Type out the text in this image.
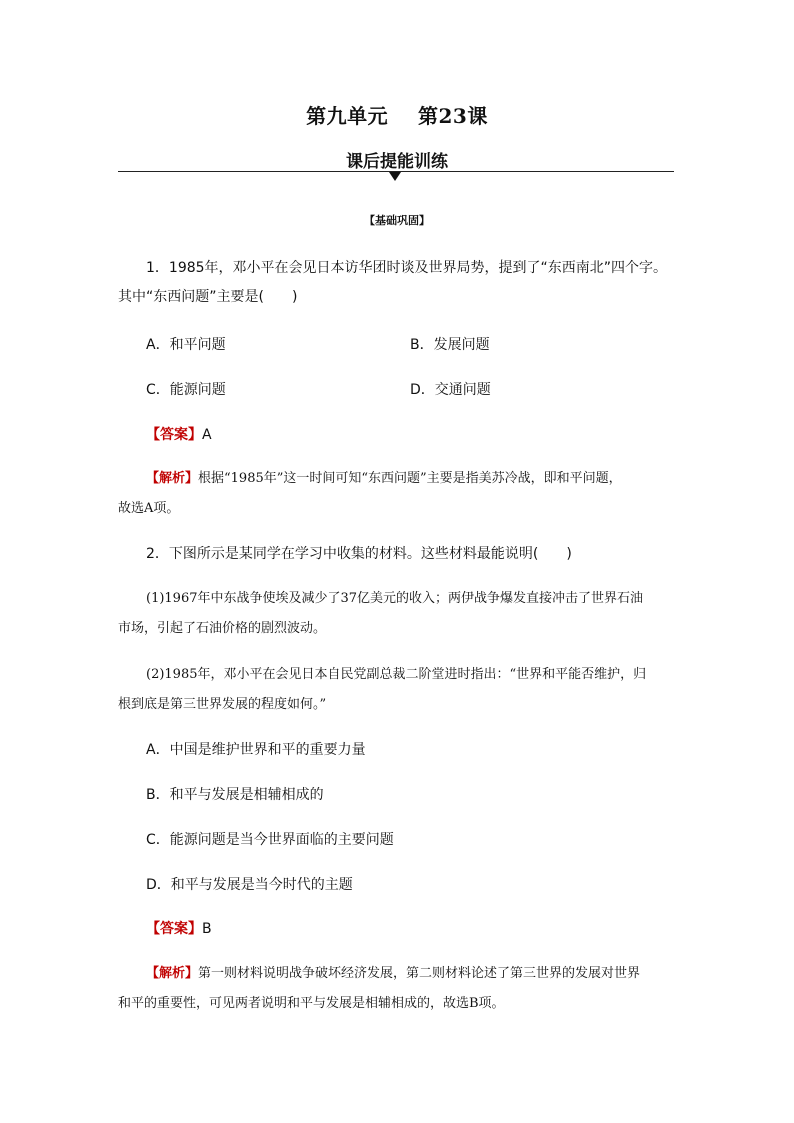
第九单元    第23课
课后提能训练
【基础巩固】
1．1985年，邓小平在会见日本访华团时谈及世界局势，提到了“东西南北”四个字。
其中“东西问题”主要是(　　)
A．和平问题	B．发展问题
C．能源问题	D．交通问题
【答案】A
【解析】根据“1985年”这一时间可知“东西问题”主要是指美苏冷战，即和平问题，
故选A项。
2．下图所示是某同学在学习中收集的材料。这些材料最能说明(　　)
(1)1967年中东战争使埃及减少了37亿美元的收入；两伊战争爆发直接冲击了世界石油
市场，引起了石油价格的剧烈波动。
(2)1985年，邓小平在会见日本自民党副总裁二阶堂进时指出：“世界和平能否维护，归
根到底是第三世界发展的程度如何。”
A．中国是维护世界和平的重要力量
B．和平与发展是相辅相成的
C．能源问题是当今世界面临的主要问题
D．和平与发展是当今时代的主题
【答案】B
【解析】第一则材料说明战争破坏经济发展，第二则材料论述了第三世界的发展对世界
和平的重要性，可见两者说明和平与发展是相辅相成的，故选B项。
